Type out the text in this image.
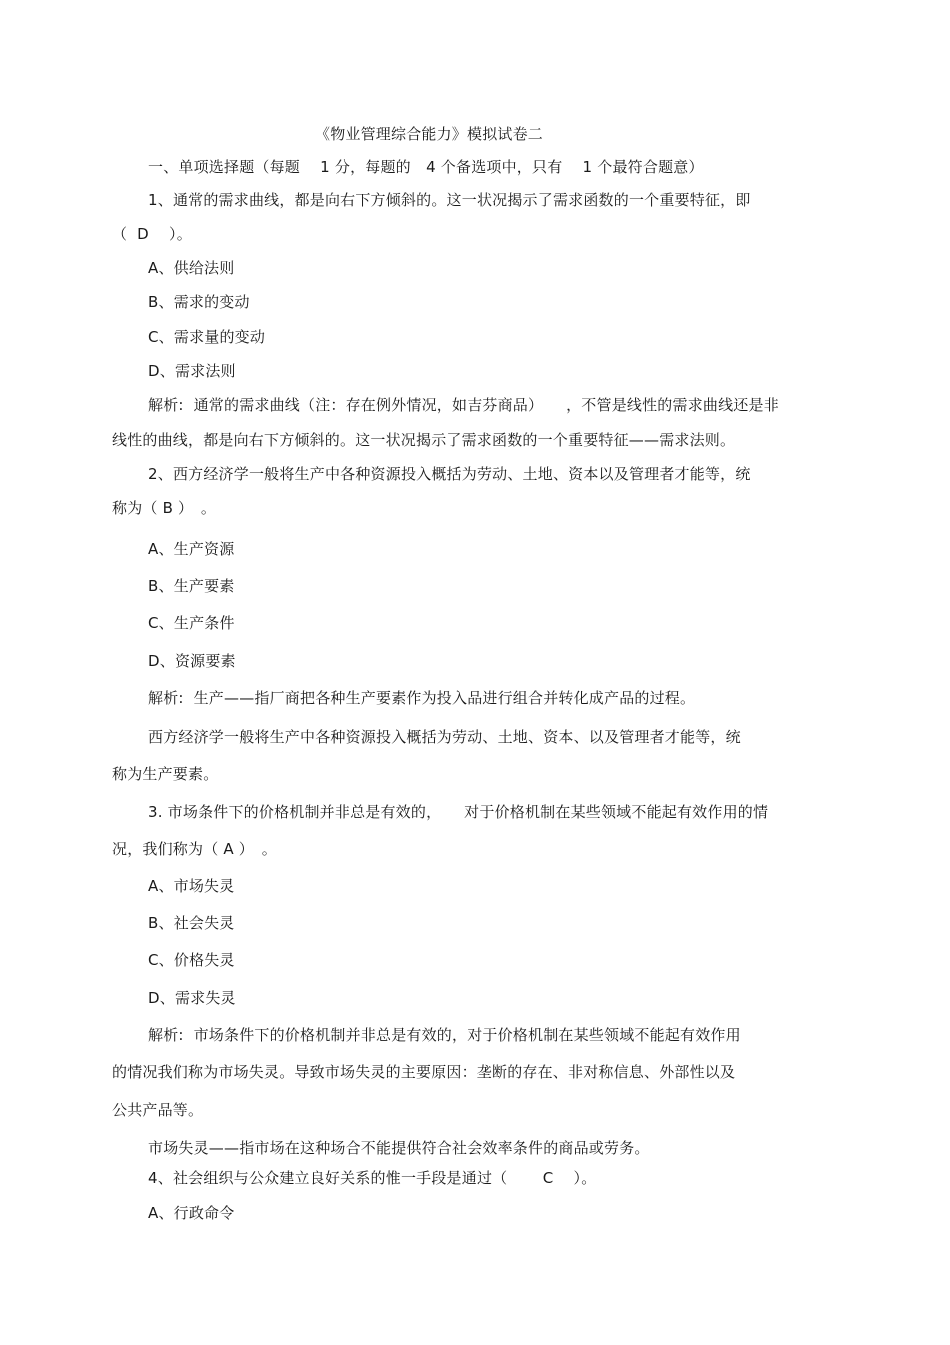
《物业管理综合能力》模拟试卷二
一、单项选择题（每题　 1 分，每题的　4 个备选项中，只有　 1 个最符合题意）
1、通常的需求曲线，都是向右下方倾斜的。这一状况揭示了需求函数的一个重要特征，即
（  D　 ）。
A、供给法则
B、需求的变动
C、需求量的变动
D、需求法则
解析:  通常的需求曲线（注：存在例外情况，如吉芬商品）　　，不管是线性的需求曲线还是非
线性的曲线，都是向右下方倾斜的。这一状况揭示了需求函数的一个重要特征——需求法则。
2、西方经济学一般将生产中各种资源投入概括为劳动、土地、资本以及管理者才能等，统
称为（ B ）　。
A、生产资源
B、生产要素
C、生产条件
D、资源要素
解析:  生产——指厂商把各种生产要素作为投入品进行组合并转化成产品的过程。
西方经济学一般将生产中各种资源投入概括为劳动、土地、资本、以及管理者才能等，统
称为生产要素。
3. 市场条件下的价格机制并非总是有效的，　　对于价格机制在某些领域不能起有效作用的情
况，我们称为（ A ）　。
A、市场失灵
B、社会失灵
C、价格失灵
D、需求失灵
解析:  市场条件下的价格机制并非总是有效的，对于价格机制在某些领域不能起有效作用
的情况我们称为市场失灵。导致市场失灵的主要原因：垄断的存在、非对称信息、外部性以及
公共产品等。
市场失灵——指市场在这种场合不能提供符合社会效率条件的商品或劳务。
4、社会组织与公众建立良好关系的惟一手段是通过（　　 C　 ）。
A、行政命令
